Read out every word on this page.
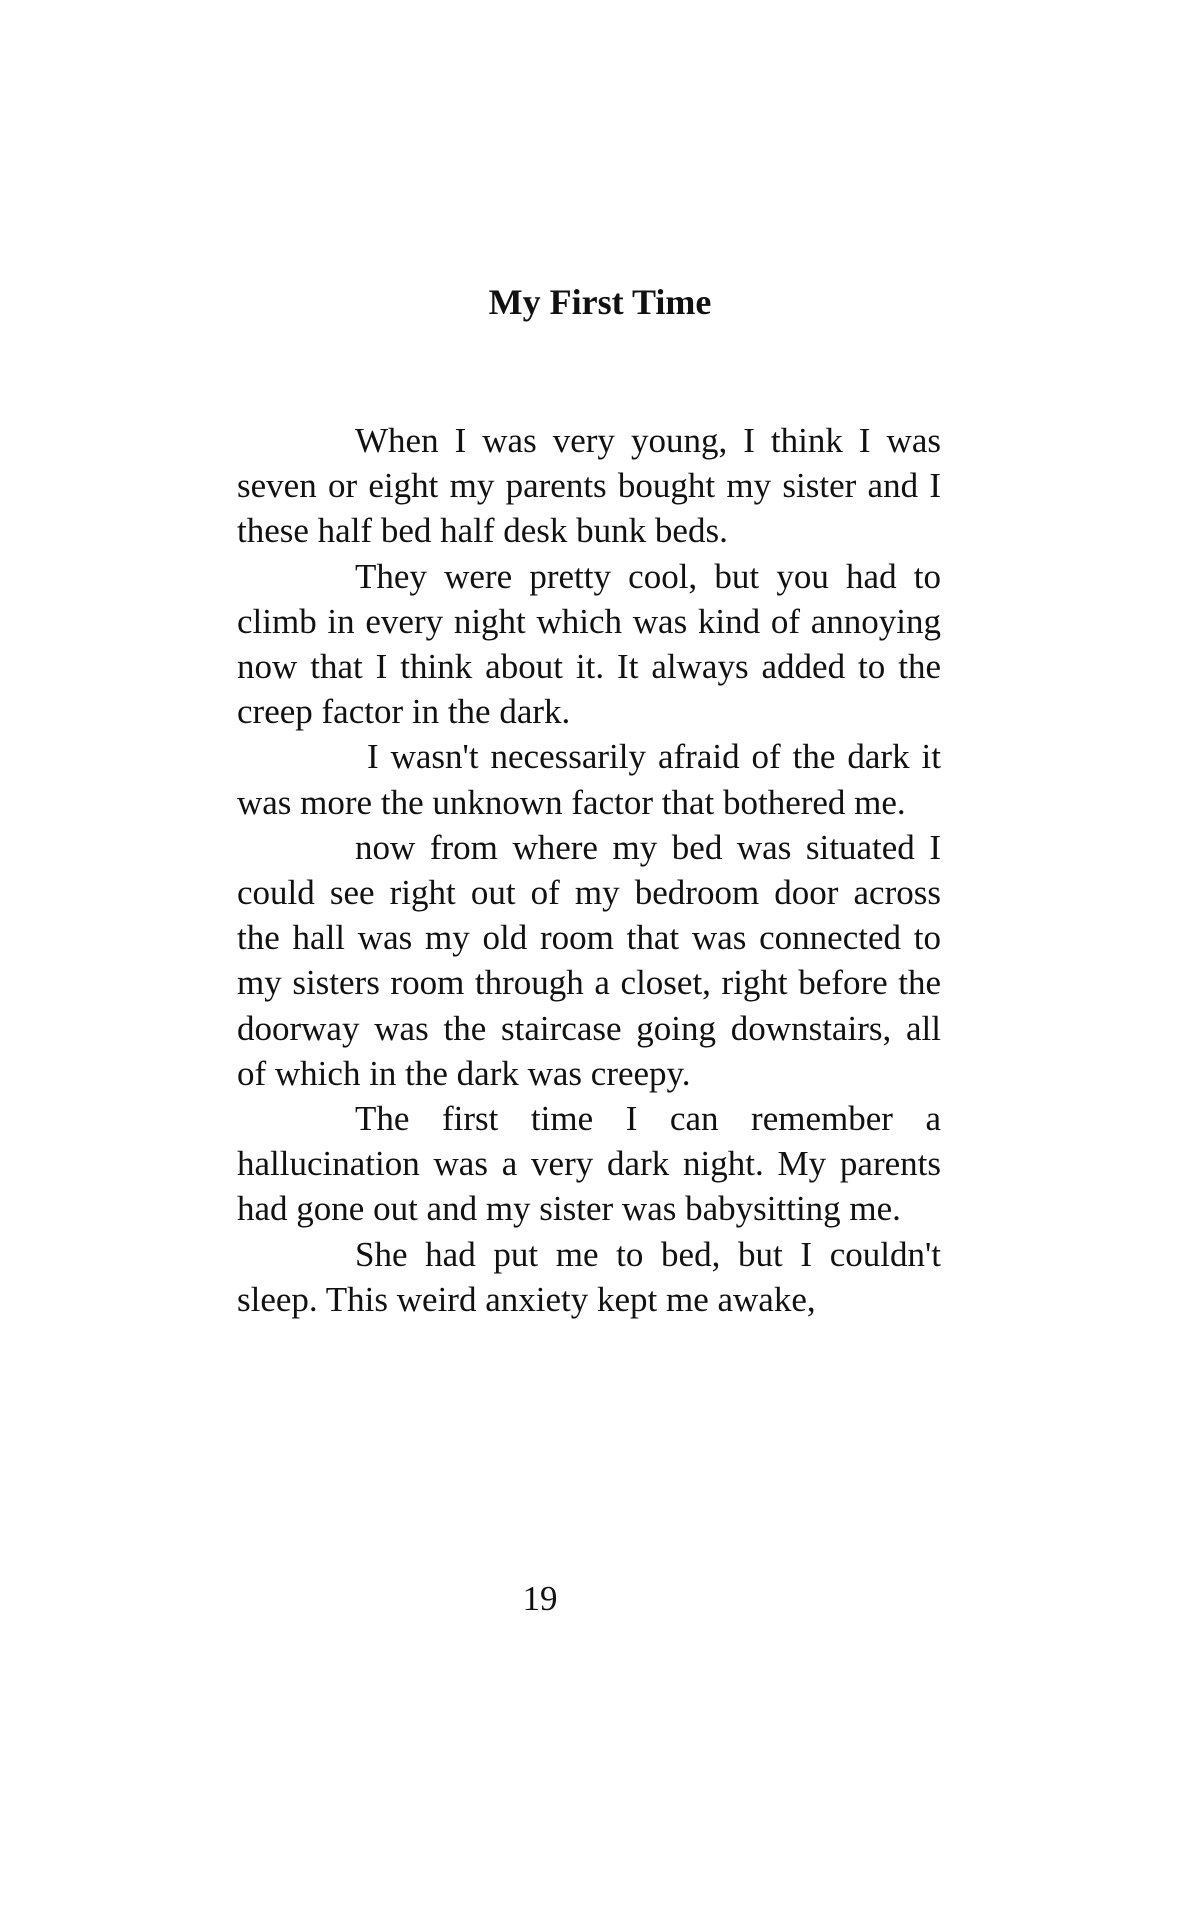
My First Time

When I was very young, I think I was seven or eight my parents bought my sister and I  these half bed half desk bunk beds.

They were pretty cool, but you had to climb in every night which was kind of annoying now that I think about it. It always added to the creep factor in the dark.

I wasn't necessarily afraid of the dark it was more the unknown factor that bothered me.

now from where my bed was situated I could see right out of my bedroom door across the hall was my old room that was connected to my sisters room through a closet, right before the doorway was the staircase going downstairs, all of which in the dark was creepy.

The first time I can remember a hallucination was a very dark night. My parents had gone out and my sister was babysitting me.

She had put me to bed, but I couldn't sleep. This weird anxiety kept me awake,

19
